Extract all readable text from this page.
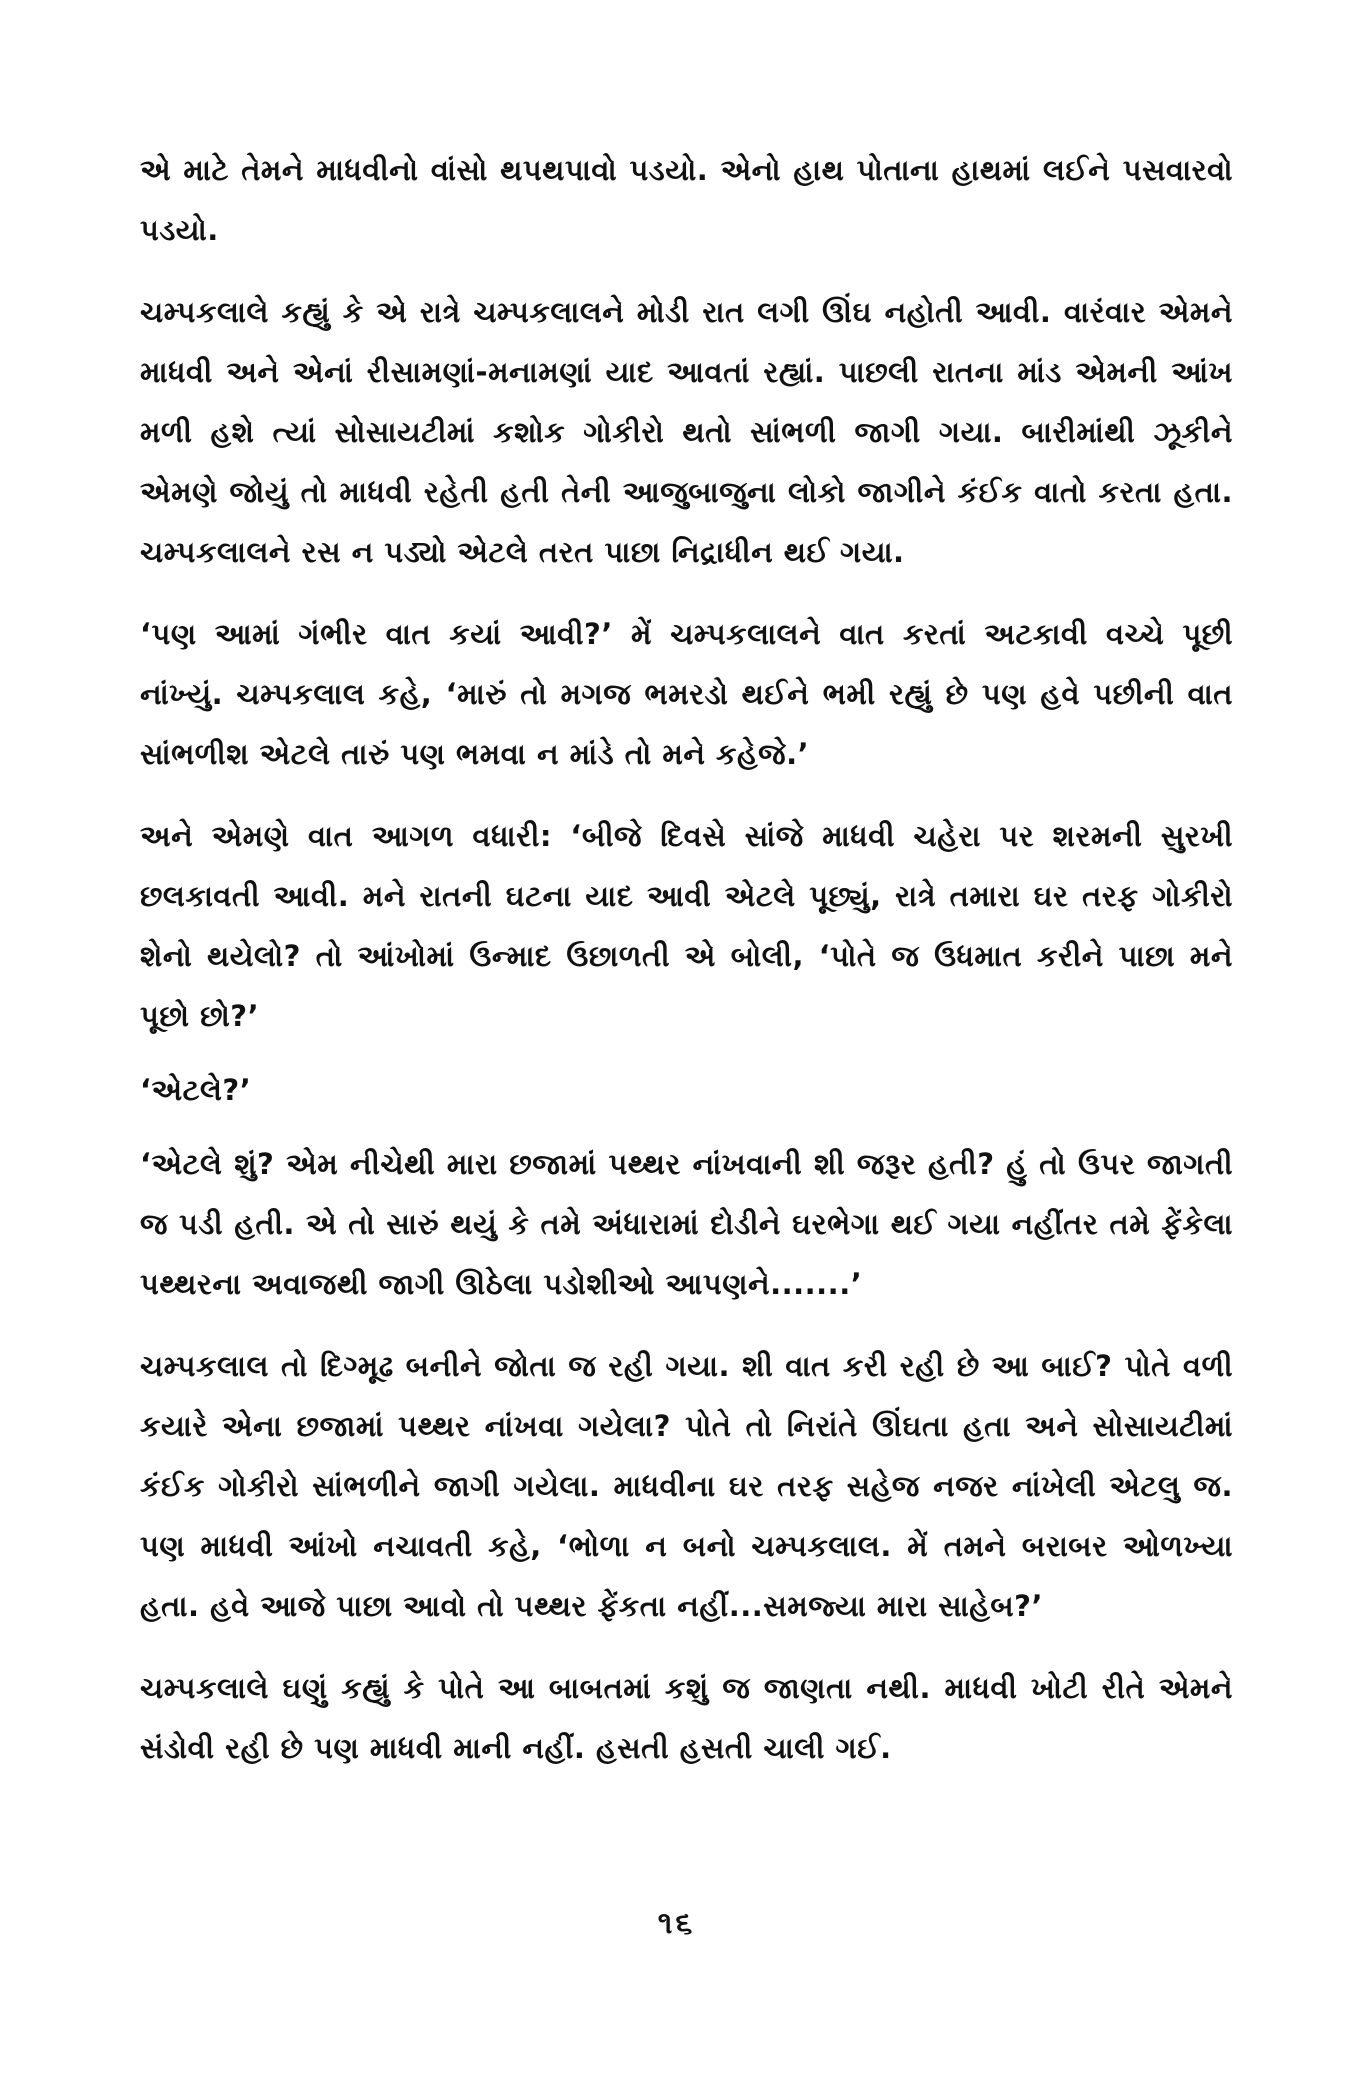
એ માટે તેમને માધવીનો વાંસો થપથપાવો પડયો. એનો હાથ પોતાના હાથમાં લઈને પસવારવો પડયો.

ચમ્પકલાલે કહ્યું કે એ રાત્રે ચમ્પકલાલને મોડી રાત લગી ઊંઘ નહોતી આવી. વારંવાર એમને માધવી અને એનાં રીસામણાં-મનામણાં યાદ આવતાં રહ્યાં. પાછલી રાતના માંડ એમની આંખ મળી હશે ત્યાં સોસાયટીમાં કશોક ગોકીરો થતો સાંભળી જાગી ગયા. બારીમાંથી ઝૂકીને એમણે જોયું તો માધવી રહેતી હતી તેની આજુબાજુના લોકો જાગીને કંઈક વાતો કરતા હતા. ચમ્પકલાલને રસ ન પડ્યો એટલે તરત પાછા નિદ્રાધીન થઈ ગયા.

‘પણ આમાં ગંભીર વાત કયાં આવી?’ મેં ચમ્પકલાલને વાત કરતાં અટકાવી વચ્ચે પૂછી નાંખ્યું. ચમ્પકલાલ કહે, ‘મારું તો મગજ ભમરડો થઈને ભમી રહ્યું છે પણ હવે પછીની વાત સાંભળીશ એટલે તારું પણ ભમવા ન માંડે તો મને કહેજે.’

અને એમણે વાત આગળ વધારી: ‘બીજે દિવસે સાંજે માધવી ચહેરા પર શરમની સુરખી છલકાવતી આવી. મને રાતની ઘટના યાદ આવી એટલે પૂછ્યું, રાત્રે તમારા ઘર તરફ ગોકીરો શેનો થયેલો? તો આંખોમાં ઉન્માદ ઉછાળતી એ બોલી, ‘પોતે જ ઉધમાત કરીને પાછા મને પૂછો છો?’

‘એટલે?’

‘એટલે શું? એમ નીચેથી મારા છજામાં પથ્થર નાંખવાની શી જરૂર હતી? હું તો ઉપર જાગતી જ પડી હતી. એ તો સારું થયું કે તમે અંધારામાં દોડીને ઘરભેગા થઈ ગયા નહીંતર તમે ફેંકેલા પથ્થરના અવાજથી જાગી ઊઠેલા પડોશીઓ આપણને.......’

ચમ્પકલાલ તો દિગ્મૂઢ બનીને જોતા જ રહી ગયા. શી વાત કરી રહી છે આ બાઈ? પોતે વળી કયારે એના છજામાં પથ્થર નાંખવા ગયેલા? પોતે તો નિરાંતે ઊંઘતા હતા અને સોસાયટીમાં કંઈક ગોકીરો સાંભળીને જાગી ગયેલા. માધવીના ઘર તરફ સહેજ નજર નાંખેલી એટલુ જ. પણ માધવી આંખો નચાવતી કહે, ‘ભોળા ન બનો ચમ્પકલાલ. મેં તમને બરાબર ઓળખ્યા હતા. હવે આજે પાછા આવો તો પથ્થર ફેંકતા નહીં...સમજ્યા મારા સાહેબ?’

ચમ્પકલાલે ઘણું કહ્યું કે પોતે આ બાબતમાં કશું જ જાણતા નથી. માધવી ખોટી રીતે એમને સંડોવી રહી છે પણ માધવી માની નહીં. હસતી હસતી ચાલી ગઈ.

૧૬
